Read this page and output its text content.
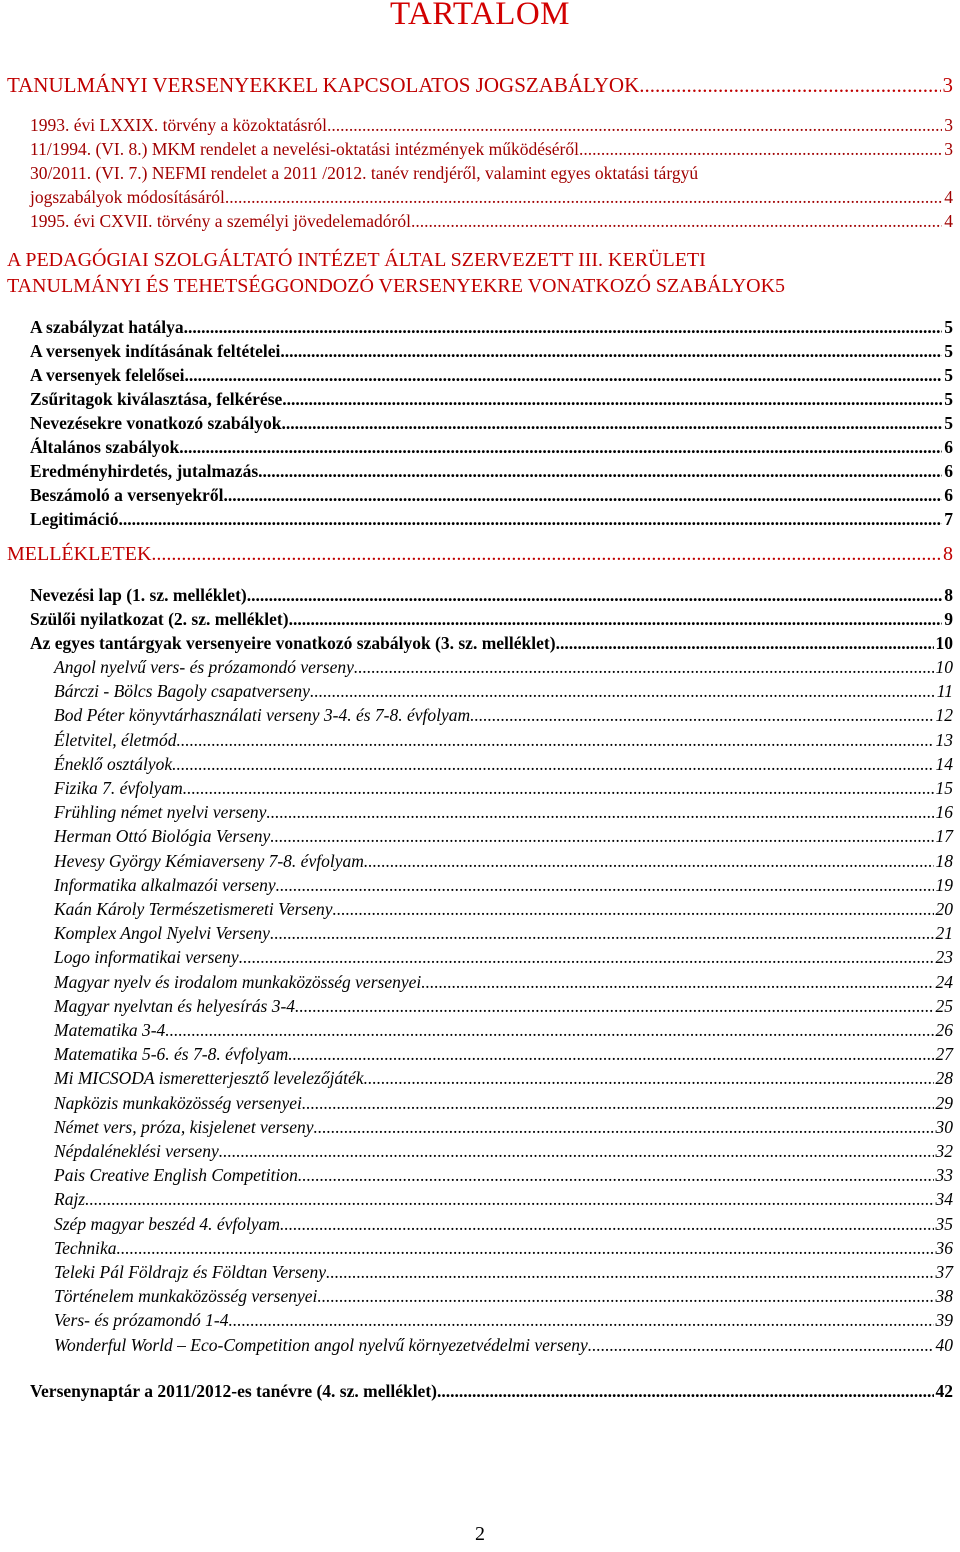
TARTALOM
TANULMÁNYI VERSENYEKKEL KAPCSOLATOS JOGSZABÁLYOK .....	3
1993. évi LXXIX. törvény a közoktatásról .....	3
11/1994. (VI. 8.) MKM rendelet a nevelési-oktatási intézmények működéséről .....	3
30/2011. (VI. 7.) NEFMI rendelet a 2011 /2012. tanév rendjéről, valamint egyes oktatási tárgyú
jogszabályok módosításáról .....	4
1995. évi CXVII. törvény a személyi jövedelemadóról .....	4
A PEDAGÓGIAI SZOLGÁLTATÓ INTÉZET ÁLTAL SZERVEZETT III. KERÜLETI
TANULMÁNYI ÉS TEHETSÉGGONDOZÓ VERSENYEKRE VONATKOZÓ SZABÁLYOK 5
A szabályzat hatálya .....	5
A versenyek indításának feltételei .....	5
A versenyek felelősei .....	5
Zsűritagok kiválasztása, felkérése .....	5
Nevezésekre vonatkozó szabályok .....	5
Általános szabályok .....	6
Eredményhirdetés, jutalmazás .....	6
Beszámoló a versenyekről .....	6
Legitimáció .....	7
MELLÉKLETEK .....	8
Nevezési lap (1. sz. melléklet) .....	8
Szülői nyilatkozat (2. sz. melléklet) .....	9
Az egyes tantárgyak versenyeire vonatkozó szabályok (3. sz. melléklet) .....	10
Angol nyelvű vers- és prózamondó verseny .....	10
Bárczi - Bölcs Bagoly csapatverseny .....	11
Bod Péter könyvtárhasználati verseny 3-4. és 7-8. évfolyam .....	12
Életvitel, életmód .....	13
Éneklő osztályok .....	14
Fizika 7. évfolyam .....	15
Frühling német nyelvi verseny .....	16
Herman Ottó Biológia Verseny .....	17
Hevesy György Kémiaverseny 7-8. évfolyam .....	18
Informatika alkalmazói verseny .....	19
Kaán Károly Természetismereti Verseny .....	20
Komplex Angol Nyelvi Verseny .....	21
Logo informatikai verseny .....	23
Magyar nyelv és irodalom munkaközösség versenyei .....	24
Magyar nyelvtan és helyesírás 3-4 .....	25
Matematika 3-4 .....	26
Matematika 5-6. és 7-8. évfolyam .....	27
Mi MICSODA ismeretterjesztő levelezőjáték .....	28
Napközis munkaközösség versenyei .....	29
Német vers, próza, kisjelenet verseny .....	30
Népdaléneklési verseny .....	32
Pais Creative English Competition .....	33
Rajz .....	34
Szép magyar beszéd 4. évfolyam .....	35
Technika .....	36
Teleki Pál Földrajz és Földtan Verseny .....	37
Történelem munkaközösség versenyei .....	38
Vers- és prózamondó 1-4 .....	39
Wonderful World – Eco-Competition angol nyelvű környezetvédelmi verseny .....	40
Versenynaptár a 2011/2012-es tanévre (4. sz. melléklet) .....	42
2
